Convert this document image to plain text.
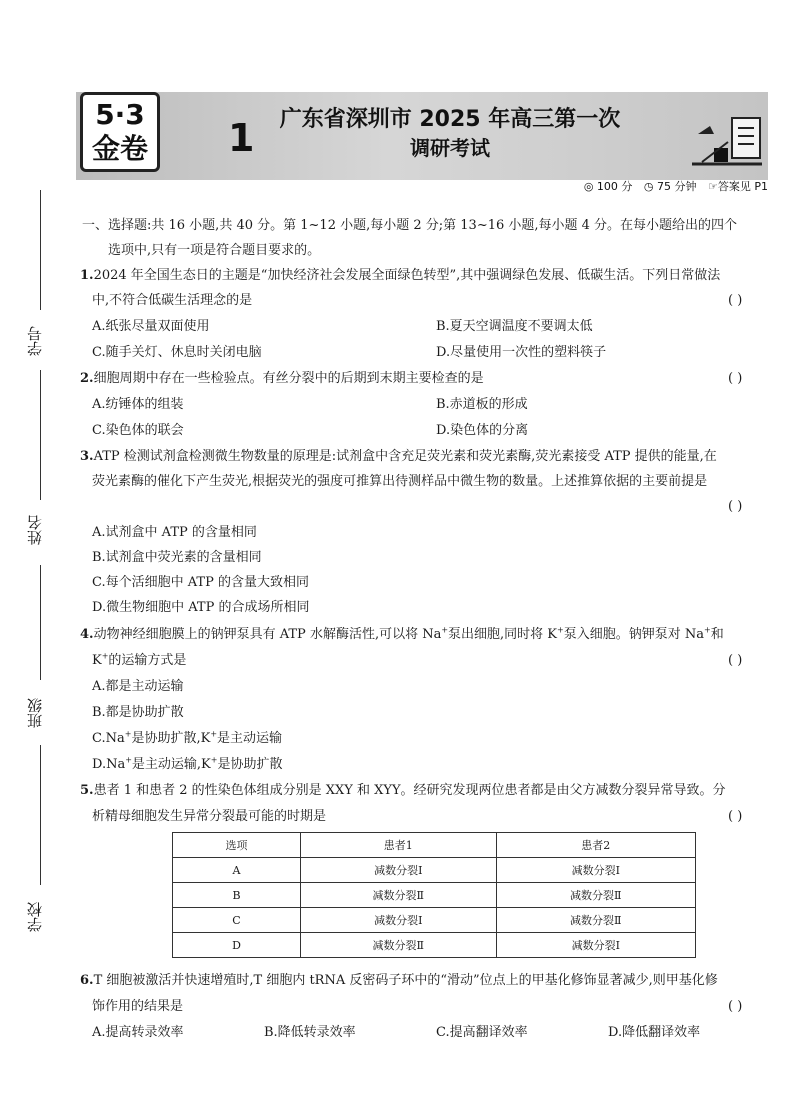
5·3
金卷 1	广东省深圳市 2025 年高三第一次
调研考试
◎ 100 分 ◷ 75 分钟 ☞答案见 P1
学号
姓名
班级
学校
一、选择题:共 16 小题,共 40 分。第 1~12 小题,每小题 2 分;第 13~16 小题,每小题 4 分。在每小题给出的四个
选项中,只有一项是符合题目要求的。
1.2024 年全国生态日的主题是“加快经济社会发展全面绿色转型”,其中强调绿色发展、低碳生活。下列日常做法
中,不符合低碳生活理念的是	( )
A.纸张尽量双面使用	B.夏天空调温度不要调太低
C.随手关灯、休息时关闭电脑	D.尽量使用一次性的塑料筷子
2.细胞周期中存在一些检验点。有丝分裂中的后期到末期主要检查的是	( )
A.纺锤体的组装	B.赤道板的形成
C.染色体的联会	D.染色体的分离
3.ATP 检测试剂盒检测微生物数量的原理是:试剂盒中含充足荧光素和荧光素酶,荧光素接受 ATP 提供的能量,在
荧光素酶的催化下产生荧光,根据荧光的强度可推算出待测样品中微生物的数量。上述推算依据的主要前提是
( )
A.试剂盒中 ATP 的含量相同
B.试剂盒中荧光素的含量相同
C.每个活细胞中 ATP 的含量大致相同
D.微生物细胞中 ATP 的合成场所相同
4.动物神经细胞膜上的钠钾泵具有 ATP 水解酶活性,可以将 Na+泵出细胞,同时将 K+泵入细胞。钠钾泵对 Na+和
K+的运输方式是	( )
A.都是主动运输
B.都是协助扩散
C.Na+是协助扩散,K+是主动运输
D.Na+是主动运输,K+是协助扩散
5.患者 1 和患者 2 的性染色体组成分别是 XXY 和 XYY。经研究发现两位患者都是由父方减数分裂异常导致。分
析精母细胞发生异常分裂最可能的时期是	( )
选项	患者1	患者2
A	减数分裂Ⅰ	减数分裂Ⅰ
B	减数分裂Ⅱ	减数分裂Ⅱ
C	减数分裂Ⅰ	减数分裂Ⅱ
D	减数分裂Ⅱ	减数分裂Ⅰ
6.T 细胞被激活并快速增殖时,T 细胞内 tRNA 反密码子环中的“滑动”位点上的甲基化修饰显著减少,则甲基化修
饰作用的结果是	( )
A.提高转录效率	B.降低转录效率	C.提高翻译效率	D.降低翻译效率
